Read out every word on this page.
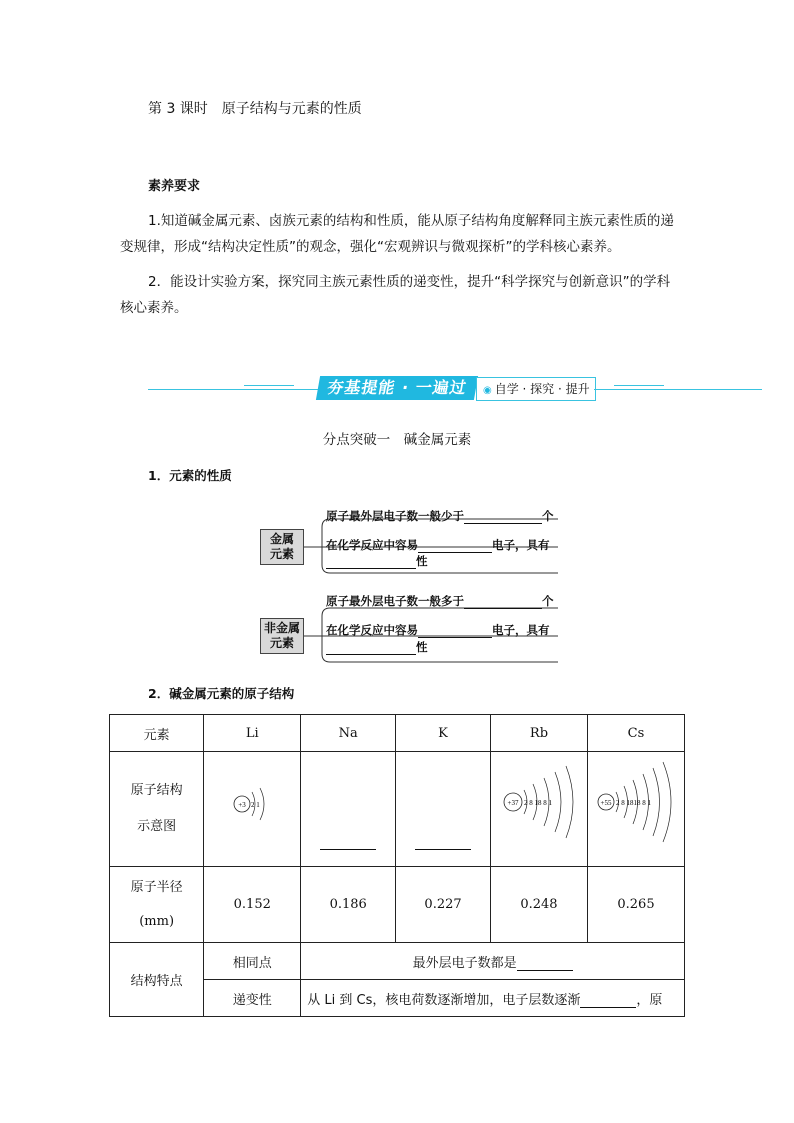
第 3 课时　原子结构与元素的性质
素养要求
1.知道碱金属元素、卤族元素的结构和性质，能从原子结构角度解释同主族元素性质的递变规律，形成“结构决定性质”的观念，强化“宏观辨识与微观探析”的学科核心素养。
2．能设计实验方案，探究同主族元素性质的递变性，提升“科学探究与创新意识”的学科核心素养。
夯基提能 · 一遍过	◉ 自学 · 探究 · 提升
分点突破一　碱金属元素
1．元素的性质
金属
元素
原子最外层电子数一般少于	个
在化学反应中容易	电子，具有
性
非金属
元素
原子最外层电子数一般多于	个
在化学反应中容易	电子，具有
性
2．碱金属元素的原子结构
元素	Li	Na	K	Rb	Cs
原子结构
示意图	+3 2 1			+37 2 8 18 8 1	+55 2 8 1818 8 1

原子半径
(mm)	0.152	0.186	0.227	0.248	0.265
结构特点	相同点	最外层电子数都是			
	递变性	从 Li 到 Cs，核电荷数逐渐增加，电子层数逐渐 ，原			
